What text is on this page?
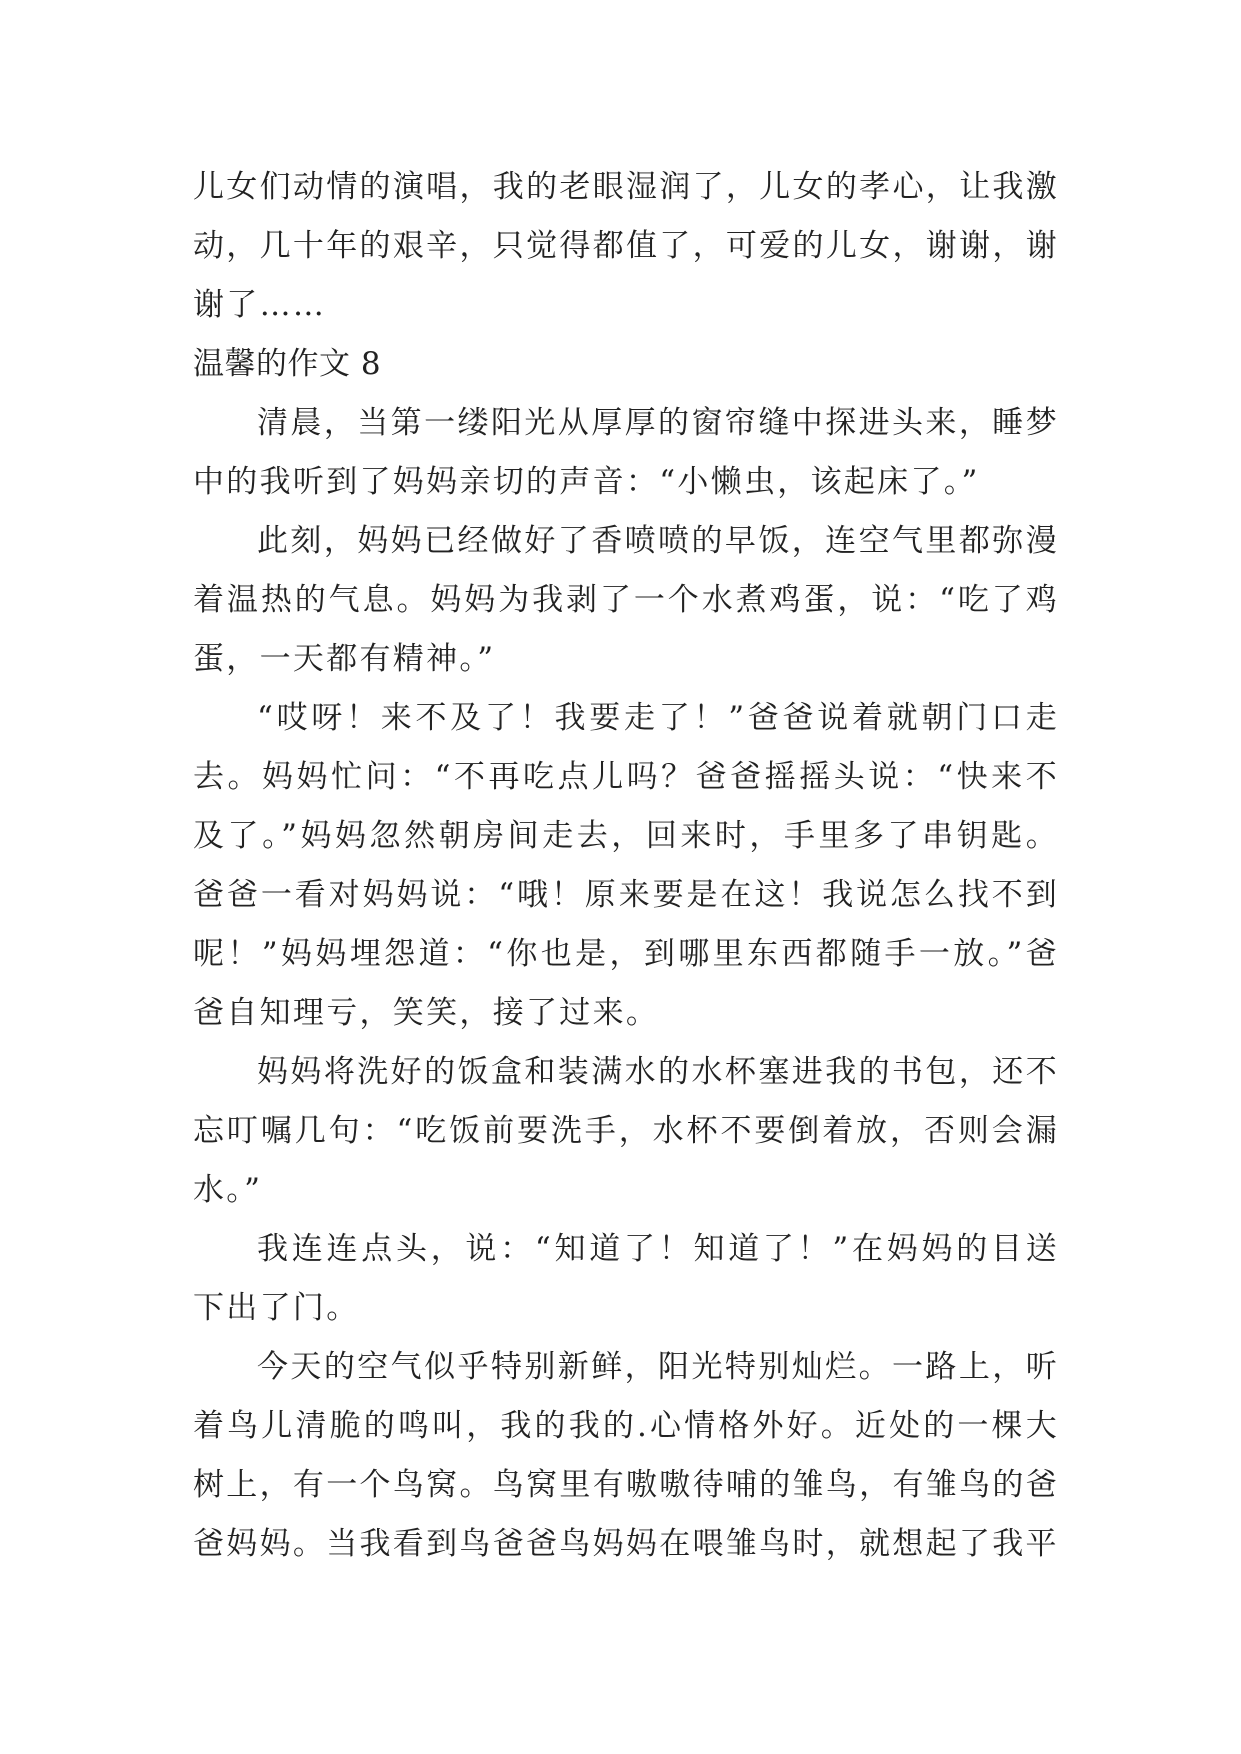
儿女们动情的演唱，我的老眼湿润了，儿女的孝心，让我激动，几十年的艰辛，只觉得都值了，可爱的儿女，谢谢，谢谢了……

温馨的作文 8

清晨，当第一缕阳光从厚厚的窗帘缝中探进头来，睡梦中的我听到了妈妈亲切的声音：“小懒虫，该起床了。”

此刻，妈妈已经做好了香喷喷的早饭，连空气里都弥漫着温热的气息。妈妈为我剥了一个水煮鸡蛋，说：“吃了鸡蛋，一天都有精神。”

“哎呀！来不及了！我要走了！”爸爸说着就朝门口走去。妈妈忙问：“不再吃点儿吗？爸爸摇摇头说：“快来不及了。”妈妈忽然朝房间走去，回来时，手里多了串钥匙。爸爸一看对妈妈说：“哦！原来要是在这！我说怎么找不到呢！”妈妈埋怨道：“你也是，到哪里东西都随手一放。”爸爸自知理亏，笑笑，接了过来。

妈妈将洗好的饭盒和装满水的水杯塞进我的书包，还不忘叮嘱几句：“吃饭前要洗手，水杯不要倒着放，否则会漏水。”

我连连点头，说：“知道了！知道了！”在妈妈的目送下出了门。

今天的空气似乎特别新鲜，阳光特别灿烂。一路上，听着鸟儿清脆的鸣叫，我的我的.心情格外好。近处的一棵大树上，有一个鸟窝。鸟窝里有嗷嗷待哺的雏鸟，有雏鸟的爸爸妈妈。当我看到鸟爸爸鸟妈妈在喂雏鸟时，就想起了我平
